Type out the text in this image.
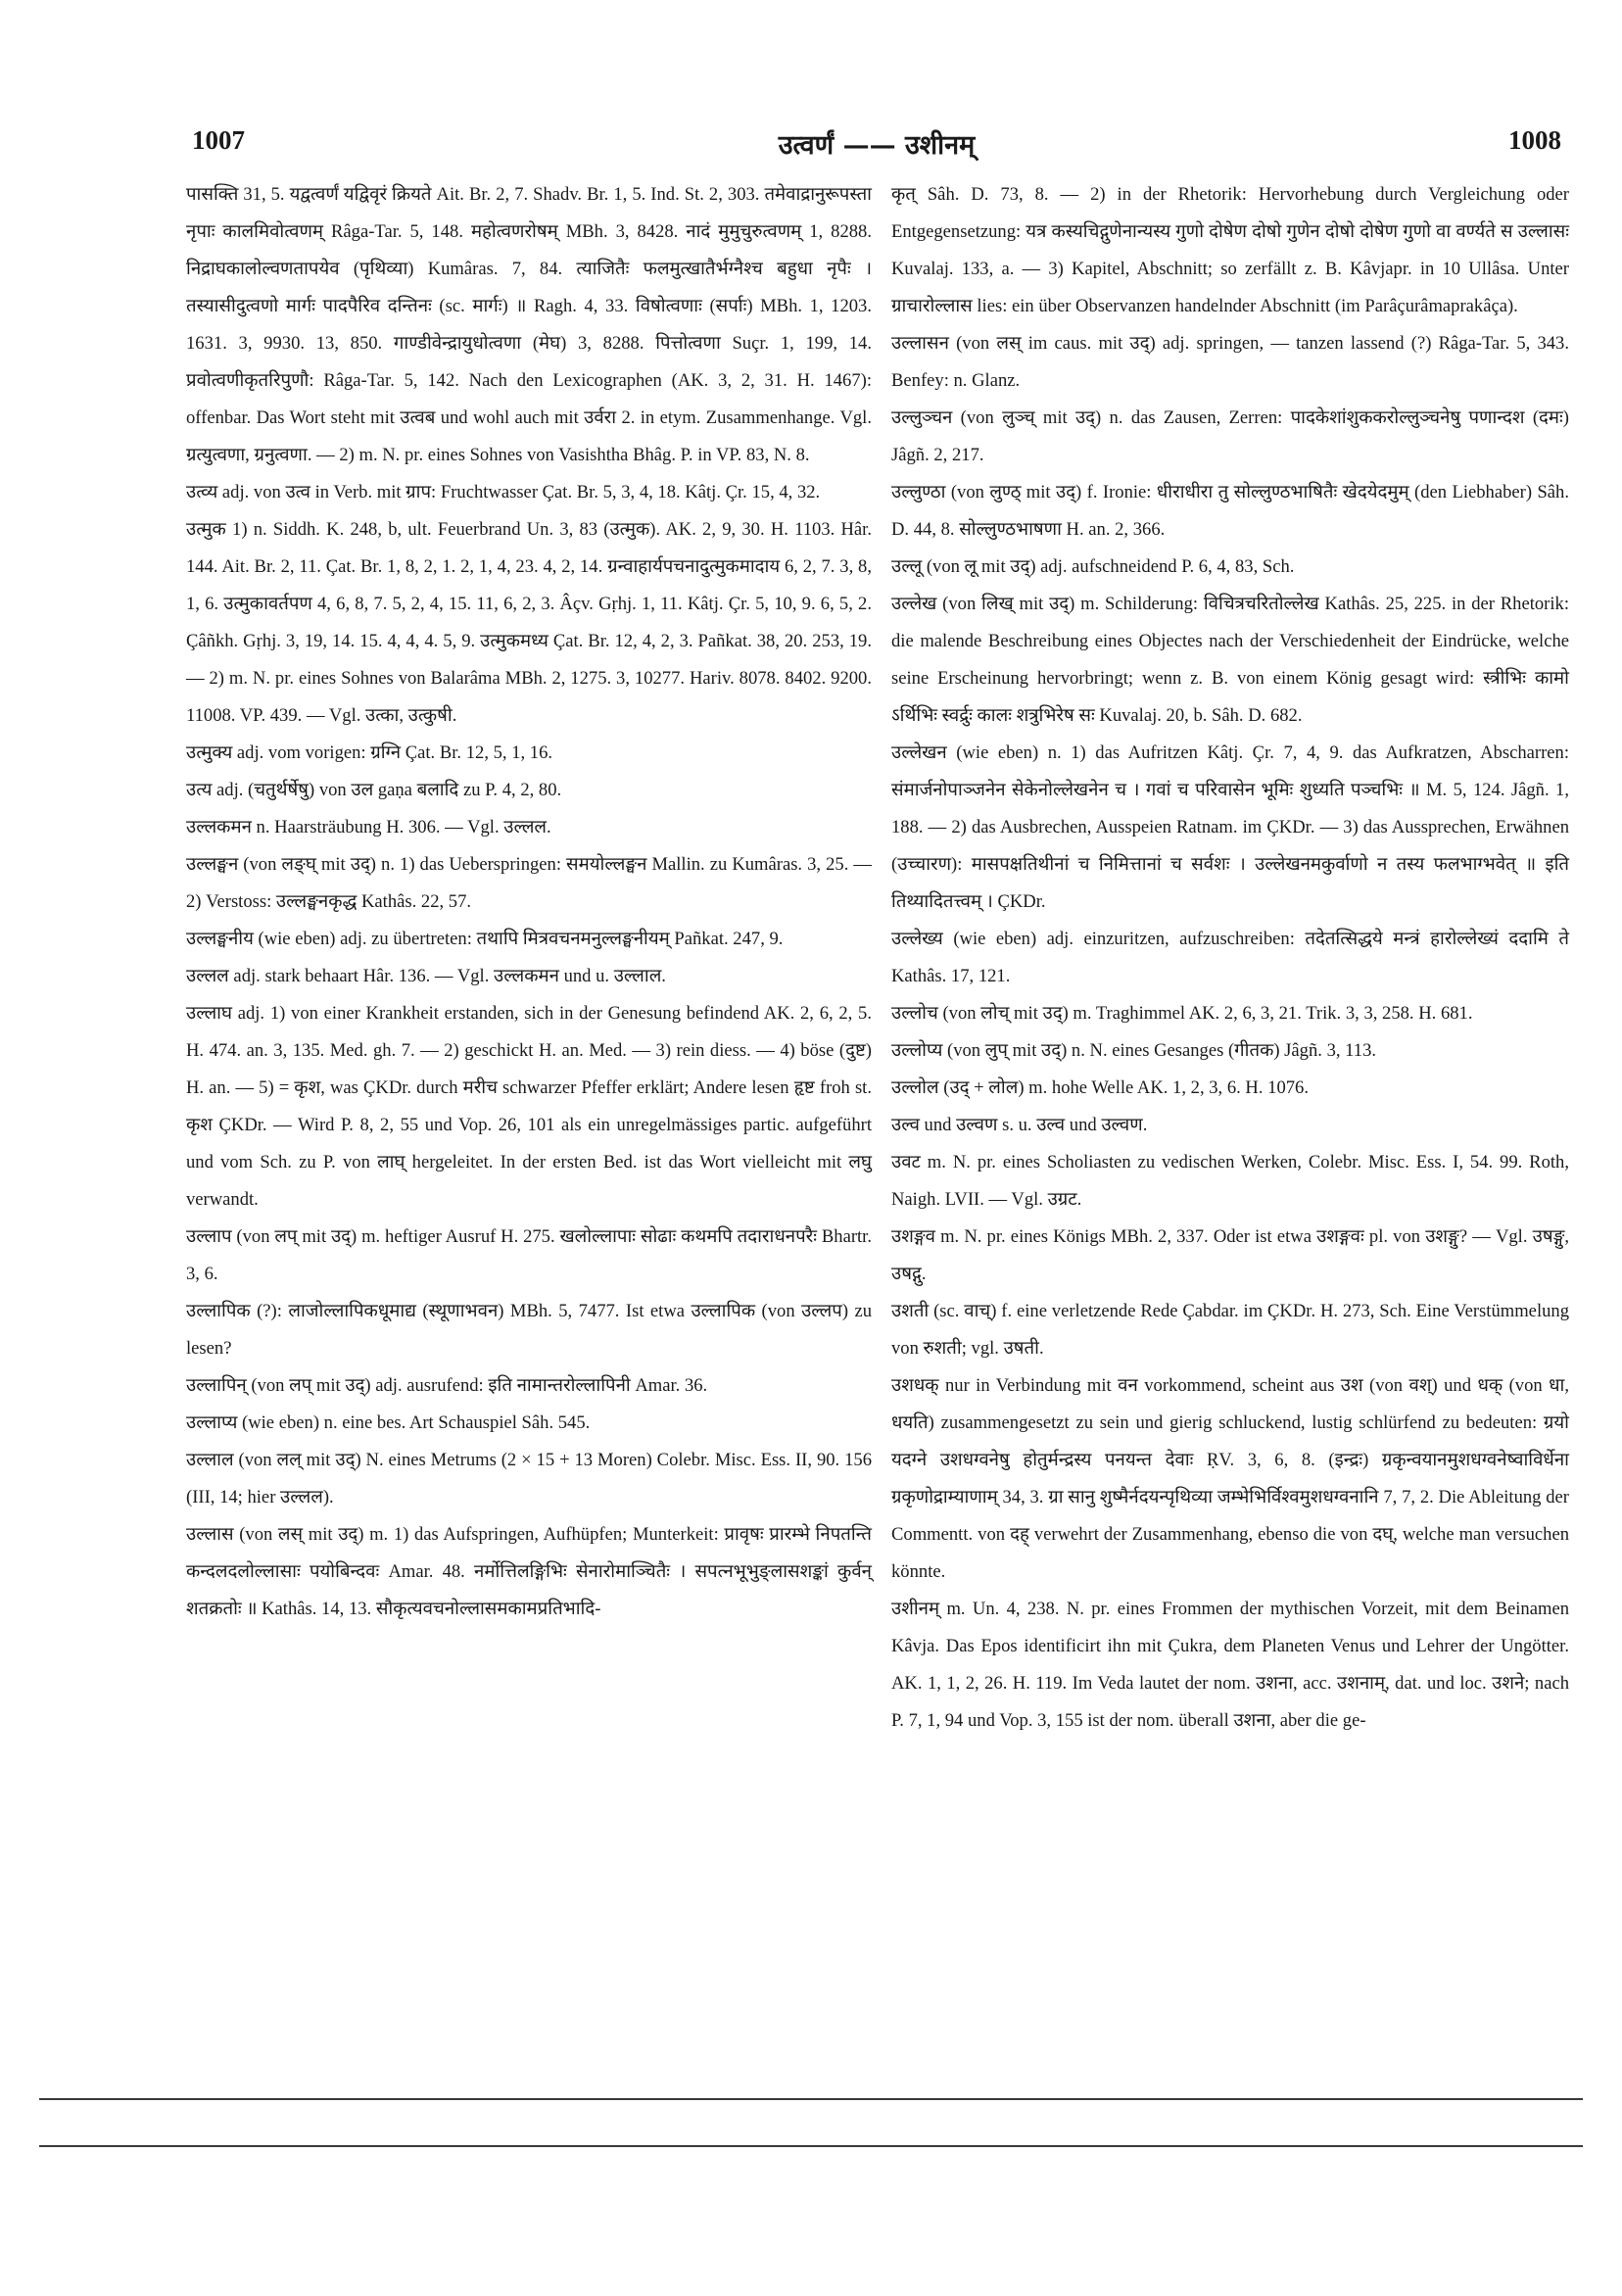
1007	उत्वर्णं —— उशीनम्	1008

पासक्ति 31, 5. यद्वत्वर्णं यद्विवृरं क्रियते Ait. Br. 2, 7. Shadv. Br. 1, 5. Ind. St. 2, 303. तमेवाद्रानुरूपस्ता नृपाः कालमिवोत्वणम् Râga-Tar. 5, 148. महोत्वणरोषम् MBh. 3, 8428. नादं मुमुचुरुत्वणम् 1, 8288. निद्राघकालोल्वणतापयेव (पृथिव्या) Kumâras. 7, 84. त्याजितैः फलमुत्खातैर्भग्नैश्च बहुधा नृपैः । तस्यासीदुत्वणो मार्गः पादपैरिव दन्तिनः (sc. मार्गः) ॥ Ragh. 4, 33. विषोत्वणाः (सर्पाः) MBh. 1, 1203. 1631. 3, 9930. 13, 850. गाण्डीवेन्द्रायुधोत्वणा (मेघ) 3, 8288. पित्तोत्वणा Suçr. 1, 199, 14. प्रवोत्वणीकृतरिपुणौ: Râga-Tar. 5, 142. Nach den Lexicographen (AK. 3, 2, 31. H. 1467): offenbar. Das Wort steht mit उत्वब und wohl auch mit उर्वरा 2. in etym. Zusammenhange. Vgl. ग्रत्युत्वणा, ग्रनुत्वणा. — 2) m. N. pr. eines Sohnes von Vasishtha Bhâg. P. in VP. 83, N. 8.

उत्व्य adj. von उत्व in Verb. mit ग्राप: Fruchtwasser Çat. Br. 5, 3, 4, 18. Kâtj. Çr. 15, 4, 32.

उत्मुक 1) n. Siddh. K. 248, b, ult. Feuerbrand Un. 3, 83 (उत्मुक). AK. 2, 9, 30. H. 1103. Hâr. 144. Ait. Br. 2, 11. Çat. Br. 1, 8, 2, 1. 2, 1, 4, 23. 4, 2, 14. ग्रन्वाहार्यपचनादुत्मुकमादाय 6, 2, 7. 3, 8, 1, 6. उत्मुकावर्तपण 4, 6, 8, 7. 5, 2, 4, 15. 11, 6, 2, 3. Âçv. Gṛhj. 1, 11. Kâtj. Çr. 5, 10, 9. 6, 5, 2. Çâñkh. Gṛhj. 3, 19, 14. 15. 4, 4, 4. 5, 9. उत्मुकमध्य Çat. Br. 12, 4, 2, 3. Pañkat. 38, 20. 253, 19. — 2) m. N. pr. eines Sohnes von Balarâma MBh. 2, 1275. 3, 10277. Hariv. 8078. 8402. 9200. 11008. VP. 439. — Vgl. उत्का, उत्कुषी.

उत्मुक्य adj. vom vorigen: ग्रग्नि Çat. Br. 12, 5, 1, 16.

उत्य adj. (चतुर्थर्षेषु) von उल gaṇa बलादि zu P. 4, 2, 80.

उल्लकमन n. Haarsträubung H. 306. — Vgl. उल्लल.

उल्लङ्घन (von लङ्घ् mit उद्) n. 1) das Ueberspringen: समयोल्लङ्घन Mallin. zu Kumâras. 3, 25. — 2) Verstoss: उल्लङ्घनकृद्ध Kathâs. 22, 57.

उल्लङ्घनीय (wie eben) adj. zu übertreten: तथापि मित्रवचनमनुल्लङ्घनीयम् Pañkat. 247, 9.

उल्लल adj. stark behaart Hâr. 136. — Vgl. उल्लकमन und u. उल्लाल.

उल्लाघ adj. 1) von einer Krankheit erstanden, sich in der Genesung befindend AK. 2, 6, 2, 5. H. 474. an. 3, 135. Med. gh. 7. — 2) geschickt H. an. Med. — 3) rein diess. — 4) böse (दुष्ट) H. an. — 5) = कृश, was ÇKDr. durch मरीच schwarzer Pfeffer erklärt; Andere lesen हृष्ट froh st. कृश ÇKDr. — Wird P. 8, 2, 55 und Vop. 26, 101 als ein unregelmässiges partic. aufgeführt und vom Sch. zu P. von लाघ् hergeleitet. In der ersten Bed. ist das Wort vielleicht mit लघु verwandt.

उल्लाप (von लप् mit उद्) m. heftiger Ausruf H. 275. खलोल्लापाः सोढाः कथमपि तदाराधनपरैः Bhartr. 3, 6.

उल्लापिक (?): लाजोल्लापिकधूमाद्य (स्थूणाभवन) MBh. 5, 7477. Ist etwa उल्लापिक (von उल्लप) zu lesen?

उल्लापिन् (von लप् mit उद्) adj. ausrufend: इति नामान्तरोल्लापिनी Amar. 36.

उल्लाप्य (wie eben) n. eine bes. Art Schauspiel Sâh. 545.

उल्लाल (von लल् mit उद्) N. eines Metrums (2 × 15 + 13 Moren) Colebr. Misc. Ess. II, 90. 156 (III, 14; hier उल्लल).

उल्लास (von लस् mit उद्) m. 1) das Aufspringen, Aufhüpfen; Munterkeit: प्रावृषः प्रारम्भे निपतन्ति कन्दलदलोल्लासाः पयोबिन्दवः Amar. 48. नर्मोत्तिलङ्गिभिः सेनारोमाञ्चितैः । सपत्नभूभुङ्लासशङ्कां कुर्वन् शतक्रतोः ॥ Kathâs. 14, 13. सौकृत्यवचनोल्लासमकामप्रतिभादि-

कृत् Sâh. D. 73, 8. — 2) in der Rhetorik: Hervorhebung durch Vergleichung oder Entgegensetzung: यत्र कस्यचिद्गुणेनान्यस्य गुणो दोषेण दोषो गुणेन दोषो दोषेण गुणो वा वर्ण्यते स उल्लासः Kuvalaj. 133, a. — 3) Kapitel, Abschnitt; so zerfällt z. B. Kâvjapr. in 10 Ullâsa. Unter ग्राचारोल्लास lies: ein über Observanzen handelnder Abschnitt (im Parâçurâmaprakâça).

उल्लासन (von लस् im caus. mit उद्) adj. springen, — tanzen lassend (?) Râga-Tar. 5, 343. Benfey: n. Glanz.

उल्लुञ्चन (von लुञ्च् mit उद्) n. das Zausen, Zerren: पादकेशांशुककरोल्लुञ्चनेषु पणान्दश (दमः) Jâgñ. 2, 217.

उल्लुण्ठा (von लुण्ठ् mit उद्) f. Ironie: धीराधीरा तु सोल्लुण्ठभाषितैः खेदयेदमुम् (den Liebhaber) Sâh. D. 44, 8. सोल्लुण्ठभाषणा H. an. 2, 366.

उल्लू (von लू mit उद्) adj. aufschneidend P. 6, 4, 83, Sch.

उल्लेख (von लिख् mit उद्) m. Schilderung: विचित्रचरितोल्लेख Kathâs. 25, 225. in der Rhetorik: die malende Beschreibung eines Objectes nach der Verschiedenheit der Eindrücke, welche seine Erscheinung hervorbringt; wenn z. B. von einem König gesagt wird: स्त्रीभिः कामो ऽर्थिभिः स्वर्द्रुः कालः शत्रुभिरेष सः Kuvalaj. 20, b. Sâh. D. 682.

उल्लेखन (wie eben) n. 1) das Aufritzen Kâtj. Çr. 7, 4, 9. das Aufkratzen, Abscharren: संमार्जनोपाञ्जनेन सेकेनोल्लेखनेन च । गवां च परिवासेन भूमिः शुध्यति पञ्चभिः ॥ M. 5, 124. Jâgñ. 1, 188. — 2) das Ausbrechen, Ausspeien Ratnam. im ÇKDr. — 3) das Aussprechen, Erwähnen (उच्चारण): मासपक्षतिथीनां च निमित्तानां च सर्वशः । उल्लेखनमकुर्वाणो न तस्य फलभाग्भवेत् ॥ इति तिथ्यादितत्त्वम् । ÇKDr.

उल्लेख्य (wie eben) adj. einzuritzen, aufzuschreiben: तदेतत्सिद्धये मन्त्रं हारोल्लेख्यं ददामि ते Kathâs. 17, 121.

उल्लोच (von लोच् mit उद्) m. Traghimmel AK. 2, 6, 3, 21. Trik. 3, 3, 258. H. 681.

उल्लोप्य (von लुप् mit उद्) n. N. eines Gesanges (गीतक) Jâgñ. 3, 113.

उल्लोल (उद् + लोल) m. hohe Welle AK. 1, 2, 3, 6. H. 1076.

उल्व und उल्वण s. u. उल्व und उल्वण.

उवट m. N. pr. eines Scholiasten zu vedischen Werken, Colebr. Misc. Ess. I, 54. 99. Roth, Naigh. LVII. — Vgl. उग्रट.

उशङ्गव m. N. pr. eines Königs MBh. 2, 337. Oder ist etwa उशङ्गवः pl. von उशङ्गु? — Vgl. उषङ्गु, उषद्गु.

उशती (sc. वाच्) f. eine verletzende Rede Çabdar. im ÇKDr. H. 273, Sch. Eine Verstümmelung von रुशती; vgl. उषती.

उशधक् nur in Verbindung mit वन vorkommend, scheint aus उश (von वश्) und धक् (von धा, धयति) zusammengesetzt zu sein und gierig schluckend, lustig schlürfend zu bedeuten: ग्रयो यदग्ने उशधग्वनेषु होतुर्मन्द्रस्य पनयन्त देवाः ṚV. 3, 6, 8. (इन्द्रः) ग्रकृन्वयानमुशधग्वनेष्वाविर्धेना ग्रकृणोद्राम्याणाम् 34, 3. ग्रा सानु शुष्मैर्नदयन्पृथिव्या जम्भेभिर्विश्वमुशधग्वनानि 7, 7, 2. Die Ableitung der Commentt. von दह् verwehrt der Zusammenhang, ebenso die von दघ्, welche man versuchen könnte.

उशीनम् m. Un. 4, 238. N. pr. eines Frommen der mythischen Vorzeit, mit dem Beinamen Kâvja. Das Epos identificirt ihn mit Çukra, dem Planeten Venus und Lehrer der Ungötter. AK. 1, 1, 2, 26. H. 119. Im Veda lautet der nom. उशना, acc. उशनाम्, dat. und loc. उशने; nach P. 7, 1, 94 und Vop. 3, 155 ist der nom. überall उशना, aber die ge-
